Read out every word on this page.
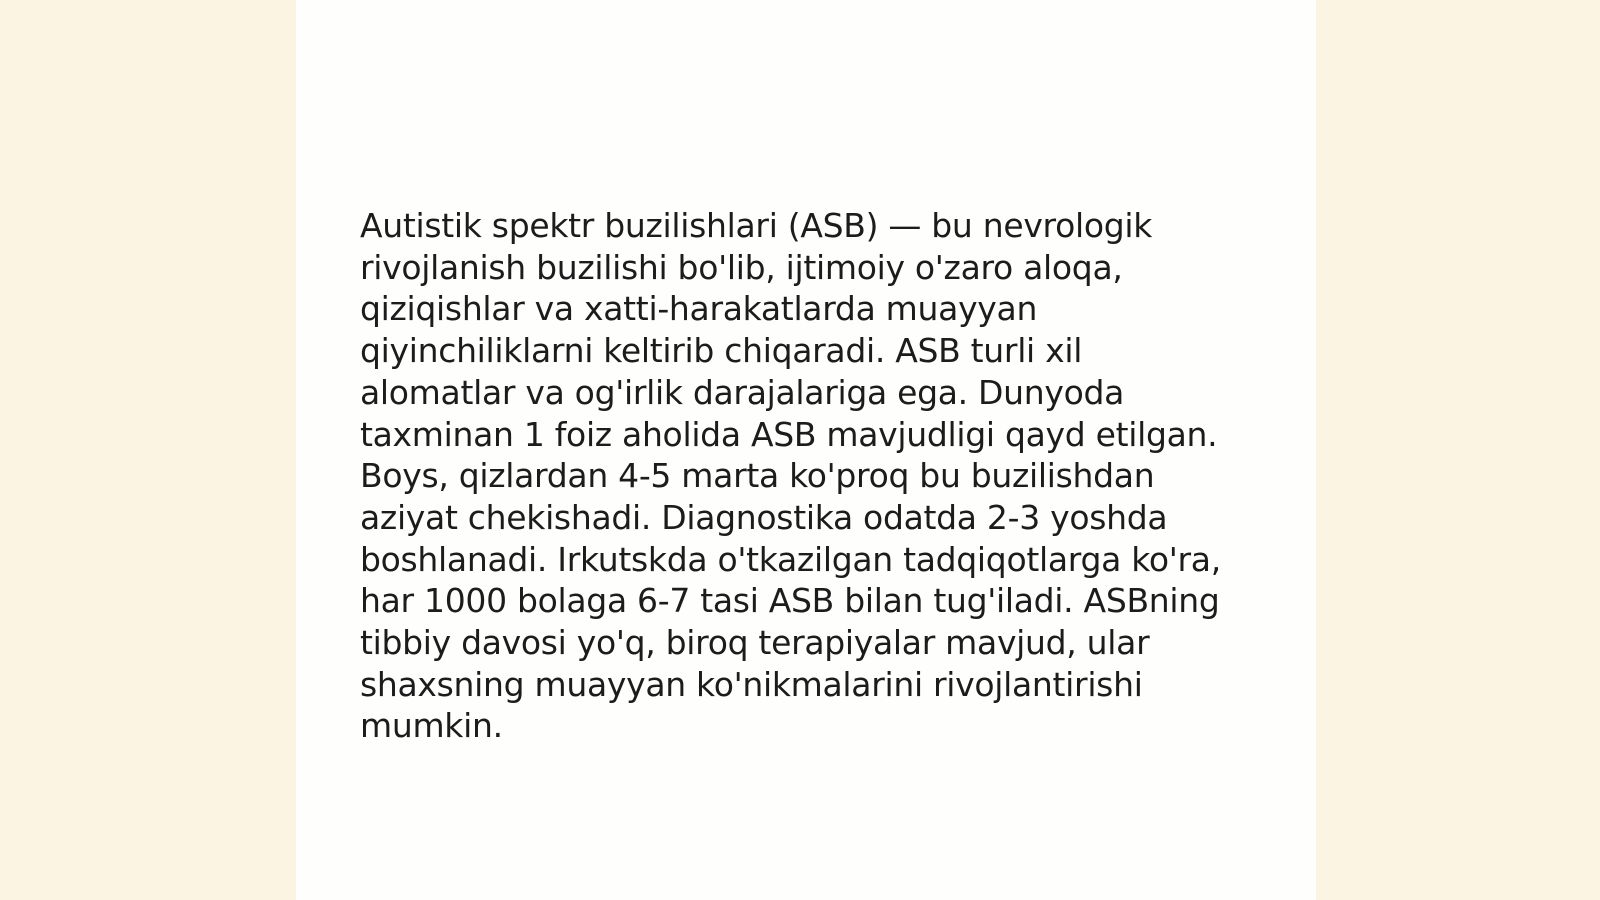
Autistik spektr buzilishlari (ASB) — bu nevrologik
rivojlanish buzilishi bo'lib, ijtimoiy o'zaro aloqa,
qiziqishlar va xatti-harakatlarda muayyan
qiyinchiliklarni keltirib chiqaradi. ASB turli xil
alomatlar va og'irlik darajalariga ega. Dunyoda
taxminan 1 foiz aholida ASB mavjudligi qayd etilgan.
Boys, qizlardan 4-5 marta ko'proq bu buzilishdan
aziyat chekishadi. Diagnostika odatda 2-3 yoshda
boshlanadi. Irkutskda o'tkazilgan tadqiqotlarga ko'ra,
har 1000 bolaga 6-7 tasi ASB bilan tug'iladi. ASBning
tibbiy davosi yo'q, biroq terapiyalar mavjud, ular
shaxsning muayyan ko'nikmalarini rivojlantirishi
mumkin.
